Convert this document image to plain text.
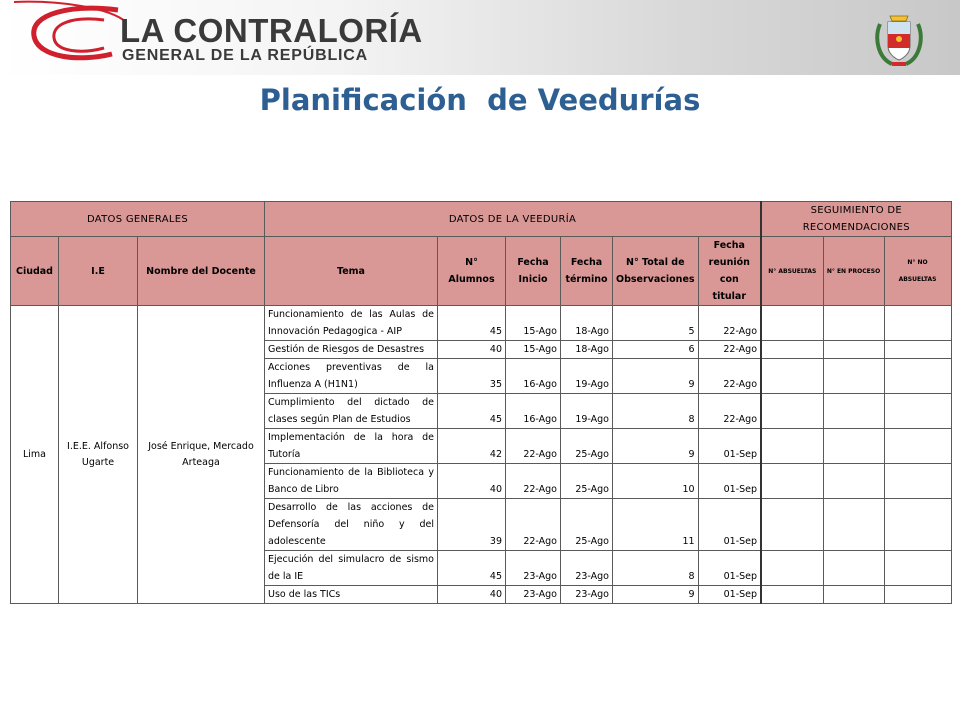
LA CONTRALORÍA
GENERAL DE LA REPÚBLICA
Planificación  de Veedurías
DATOS GENERALES			DATOS DE LA VEEDURÍA						SEGUIMIENTO DE RECOMENDACIONES		
Ciudad	I.E	Nombre del Docente	Tema	N° Alumnos	Fecha Inicio	Fecha término	N° Total de Observaciones	Fecha reunión con titular	N° ABSUELTAS	N° EN PROCESO	N° NO ABSUELTAS
Lima	I.E.E. Alfonso Ugarte	José Enrique, Mercado Arteaga	Funcionamiento de las Aulas de Innovación Pedagogica - AIP	45	15-Ago	18-Ago	5	22-Ago			
			Gestión de Riesgos de Desastres	40	15-Ago	18-Ago	6	22-Ago			
			Acciones preventivas de la Influenza A (H1N1)	35	16-Ago	19-Ago	9	22-Ago			
			Cumplimiento del dictado de clases según Plan de Estudios	45	16-Ago	19-Ago	8	22-Ago			
			Implementación de la hora de Tutoría	42	22-Ago	25-Ago	9	01-Sep			
			Funcionamiento de la Biblioteca y Banco de Libro	40	22-Ago	25-Ago	10	01-Sep			
			Desarrollo de las acciones de Defensoría del niño y del adolescente	39	22-Ago	25-Ago	11	01-Sep			
			Ejecución del simulacro de sismo de la IE	45	23-Ago	23-Ago	8	01-Sep			
			Uso de las TICs	40	23-Ago	23-Ago	9	01-Sep			
